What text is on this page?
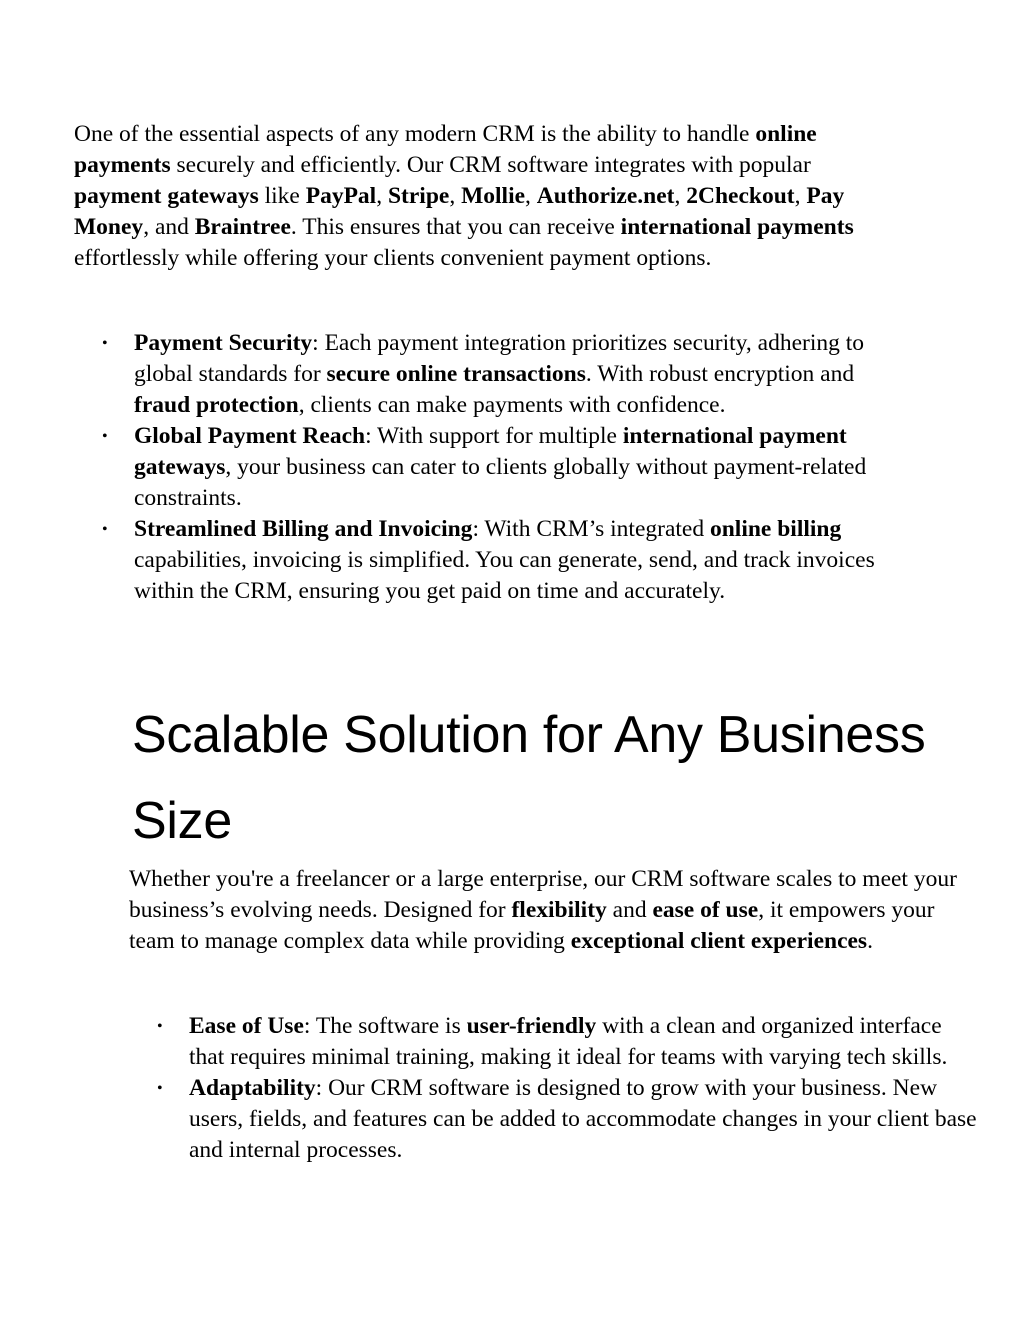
One of the essential aspects of any modern CRM is the ability to handle online payments securely and efficiently. Our CRM software integrates with popular payment gateways like PayPal, Stripe, Mollie, Authorize.net, 2Checkout, Pay Money, and Braintree. This ensures that you can receive international payments effortlessly while offering your clients convenient payment options.

• Payment Security: Each payment integration prioritizes security, adhering to global standards for secure online transactions. With robust encryption and fraud protection, clients can make payments with confidence.
• Global Payment Reach: With support for multiple international payment gateways, your business can cater to clients globally without payment-related constraints.
• Streamlined Billing and Invoicing: With CRM’s integrated online billing capabilities, invoicing is simplified. You can generate, send, and track invoices within the CRM, ensuring you get paid on time and accurately.
Scalable Solution for Any Business Size

Whether you're a freelancer or a large enterprise, our CRM software scales to meet your business’s evolving needs. Designed for flexibility and ease of use, it empowers your team to manage complex data while providing exceptional client experiences.

• Ease of Use: The software is user-friendly with a clean and organized interface that requires minimal training, making it ideal for teams with varying tech skills.
• Adaptability: Our CRM software is designed to grow with your business. New users, fields, and features can be added to accommodate changes in your client base and internal processes.
